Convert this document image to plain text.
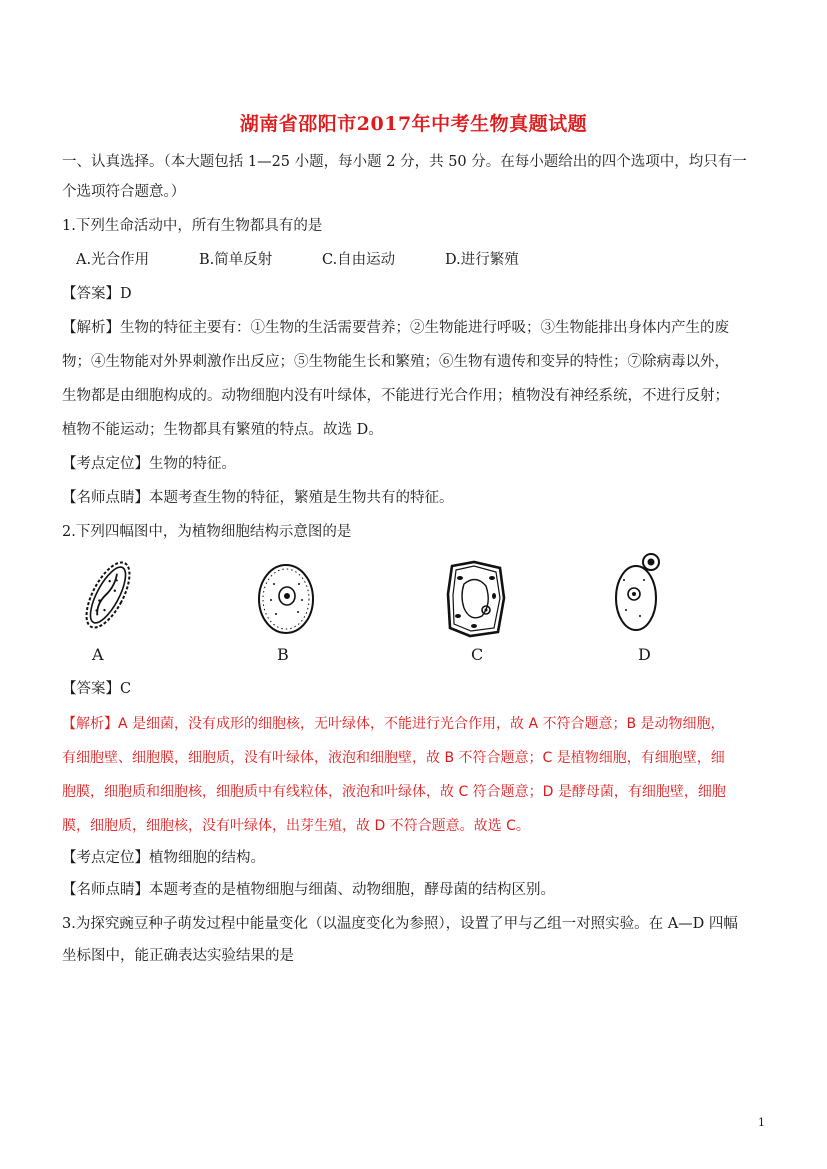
湖南省邵阳市2017年中考生物真题试题
一、认真选择。（本大题包括 1—25 小题，每小题 2 分，共 50 分。在每小题给出的四个选项中，均只有一
个选项符合题意。）
1.下列生命活动中，所有生物都具有的是
A.光合作用	B.简单反射	C.自由运动	D.进行繁殖
【答案】D
【解析】生物的特征主要有：①生物的生活需要营养；②生物能进行呼吸；③生物能排出身体内产生的废
物；④生物能对外界刺激作出反应；⑤生物能生长和繁殖；⑥生物有遗传和变异的特性；⑦除病毒以外，
生物都是由细胞构成的。动物细胞内没有叶绿体，不能进行光合作用；植物没有神经系统，不进行反射；
植物不能运动；生物都具有繁殖的特点。故选 D。
【考点定位】生物的特征。
【名师点睛】本题考查生物的特征，繁殖是生物共有的特征。
2.下列四幅图中，为植物细胞结构示意图的是
A	B	C	D
【答案】C
【解析】A 是细菌，没有成形的细胞核，无叶绿体，不能进行光合作用，故 A 不符合题意；B 是动物细胞，
有细胞壁、细胞膜，细胞质，没有叶绿体，液泡和细胞壁，故 B 不符合题意；C 是植物细胞，有细胞壁，细
胞膜，细胞质和细胞核，细胞质中有线粒体，液泡和叶绿体，故 C 符合题意；D 是酵母菌，有细胞壁，细胞
膜，细胞质，细胞核，没有叶绿体，出芽生殖，故 D 不符合题意。故选 C。
【考点定位】植物细胞的结构。
【名师点睛】本题考查的是植物细胞与细菌、动物细胞，酵母菌的结构区别。
3.为探究豌豆种子萌发过程中能量变化（以温度变化为参照），设置了甲与乙组一对照实验。在 A—D 四幅
坐标图中，能正确表达实验结果的是
1
